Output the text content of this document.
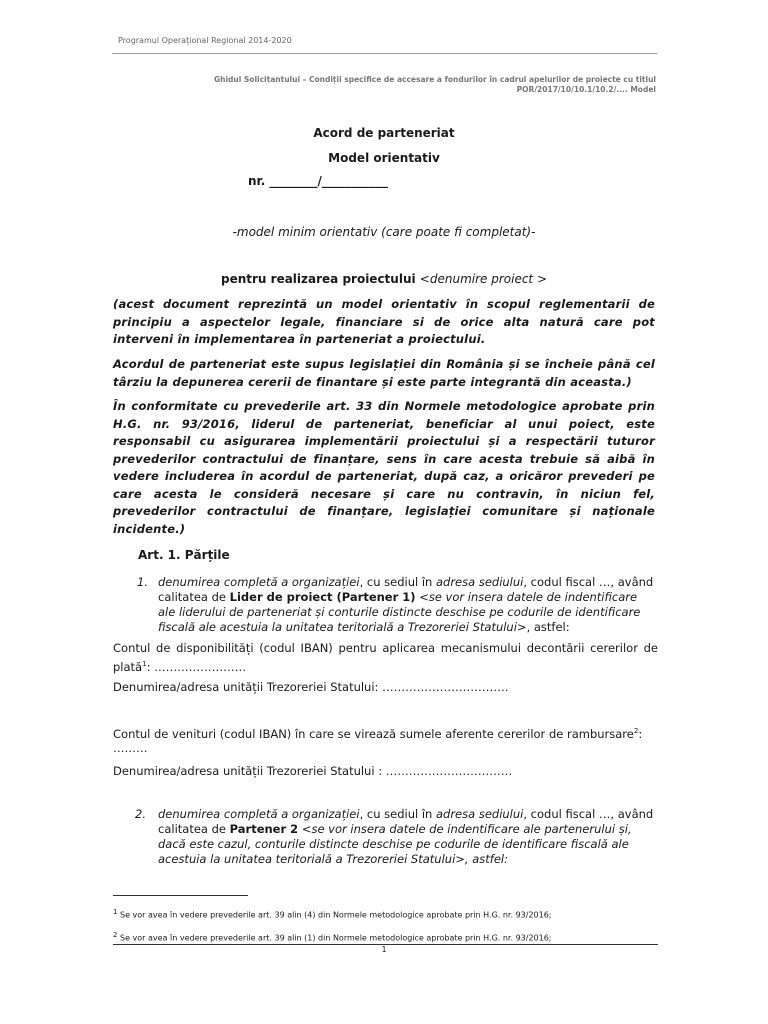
Programul Operațional Regional 2014-2020
Ghidul Solicitantului – Condiții specifice de accesare a fondurilor în cadrul apelurilor de proiecte cu titlul
POR/2017/10/10.1/10.2/.... Model
Acord de parteneriat
Model orientativ
nr. ________/___________
-model minim orientativ (care poate fi completat)-
pentru realizarea proiectului <denumire proiect >
(acest document reprezintă un model orientativ în scopul reglementarii de principiu a aspectelor legale, financiare si de orice alta natură care pot interveni în implementarea în parteneriat a proiectului.
Acordul de parteneriat este supus legislației din România și se încheie până cel târziu la depunerea cererii de finantare și este parte integrantă din aceasta.)
În conformitate cu prevederile art. 33 din Normele metodologice aprobate prin H.G. nr. 93/2016, liderul de parteneriat, beneficiar al unui poiect, este responsabil cu asigurarea implementării proiectului și a respectării tuturor prevederilor contractului de finanțare, sens în care acesta trebuie să aibă în vedere includerea în acordul de parteneriat, după caz, a oricăror prevederi pe care acesta le consideră necesare și care nu contravin, în niciun fel, prevederilor contractului de finanțare, legislației comunitare și naționale incidente.)
Art. 1. Părțile
1. denumirea completă a organizației, cu sediul în adresa sediului, codul fiscal …, având calitatea de Lider de proiect (Partener 1) <se vor insera datele de indentificare ale liderului de parteneriat și conturile distincte deschise pe codurile de identificare fiscală ale acestuia la unitatea teritorială a Trezoreriei Statului>, astfel:
Contul de disponibilități (codul IBAN) pentru aplicarea mecanismului decontării cererilor de plată$^1$: ……………………
Denumirea/adresa unității Trezoreriei Statului: ……………………………
Contul de venituri (codul IBAN) în care se virează sumele aferente cererilor de rambursare$^2$:
………
Denumirea/adresa unității Trezoreriei Statului : ……………………………
2. denumirea completă a organizației, cu sediul în adresa sediului, codul fiscal …, având calitatea de Partener 2 <se vor insera datele de indentificare ale partenerului și, dacă este cazul, conturile distincte deschise pe codurile de identificare fiscală ale acestuia la unitatea teritorială a Trezoreriei Statului>, astfel:
$^1$ Se vor avea în vedere prevederile art. 39 alin (4) din Normele metodologice aprobate prin H.G. nr. 93/2016;
$^2$ Se vor avea în vedere prevederile art. 39 alin (1) din Normele metodologice aprobate prin H.G. nr. 93/2016;
1
